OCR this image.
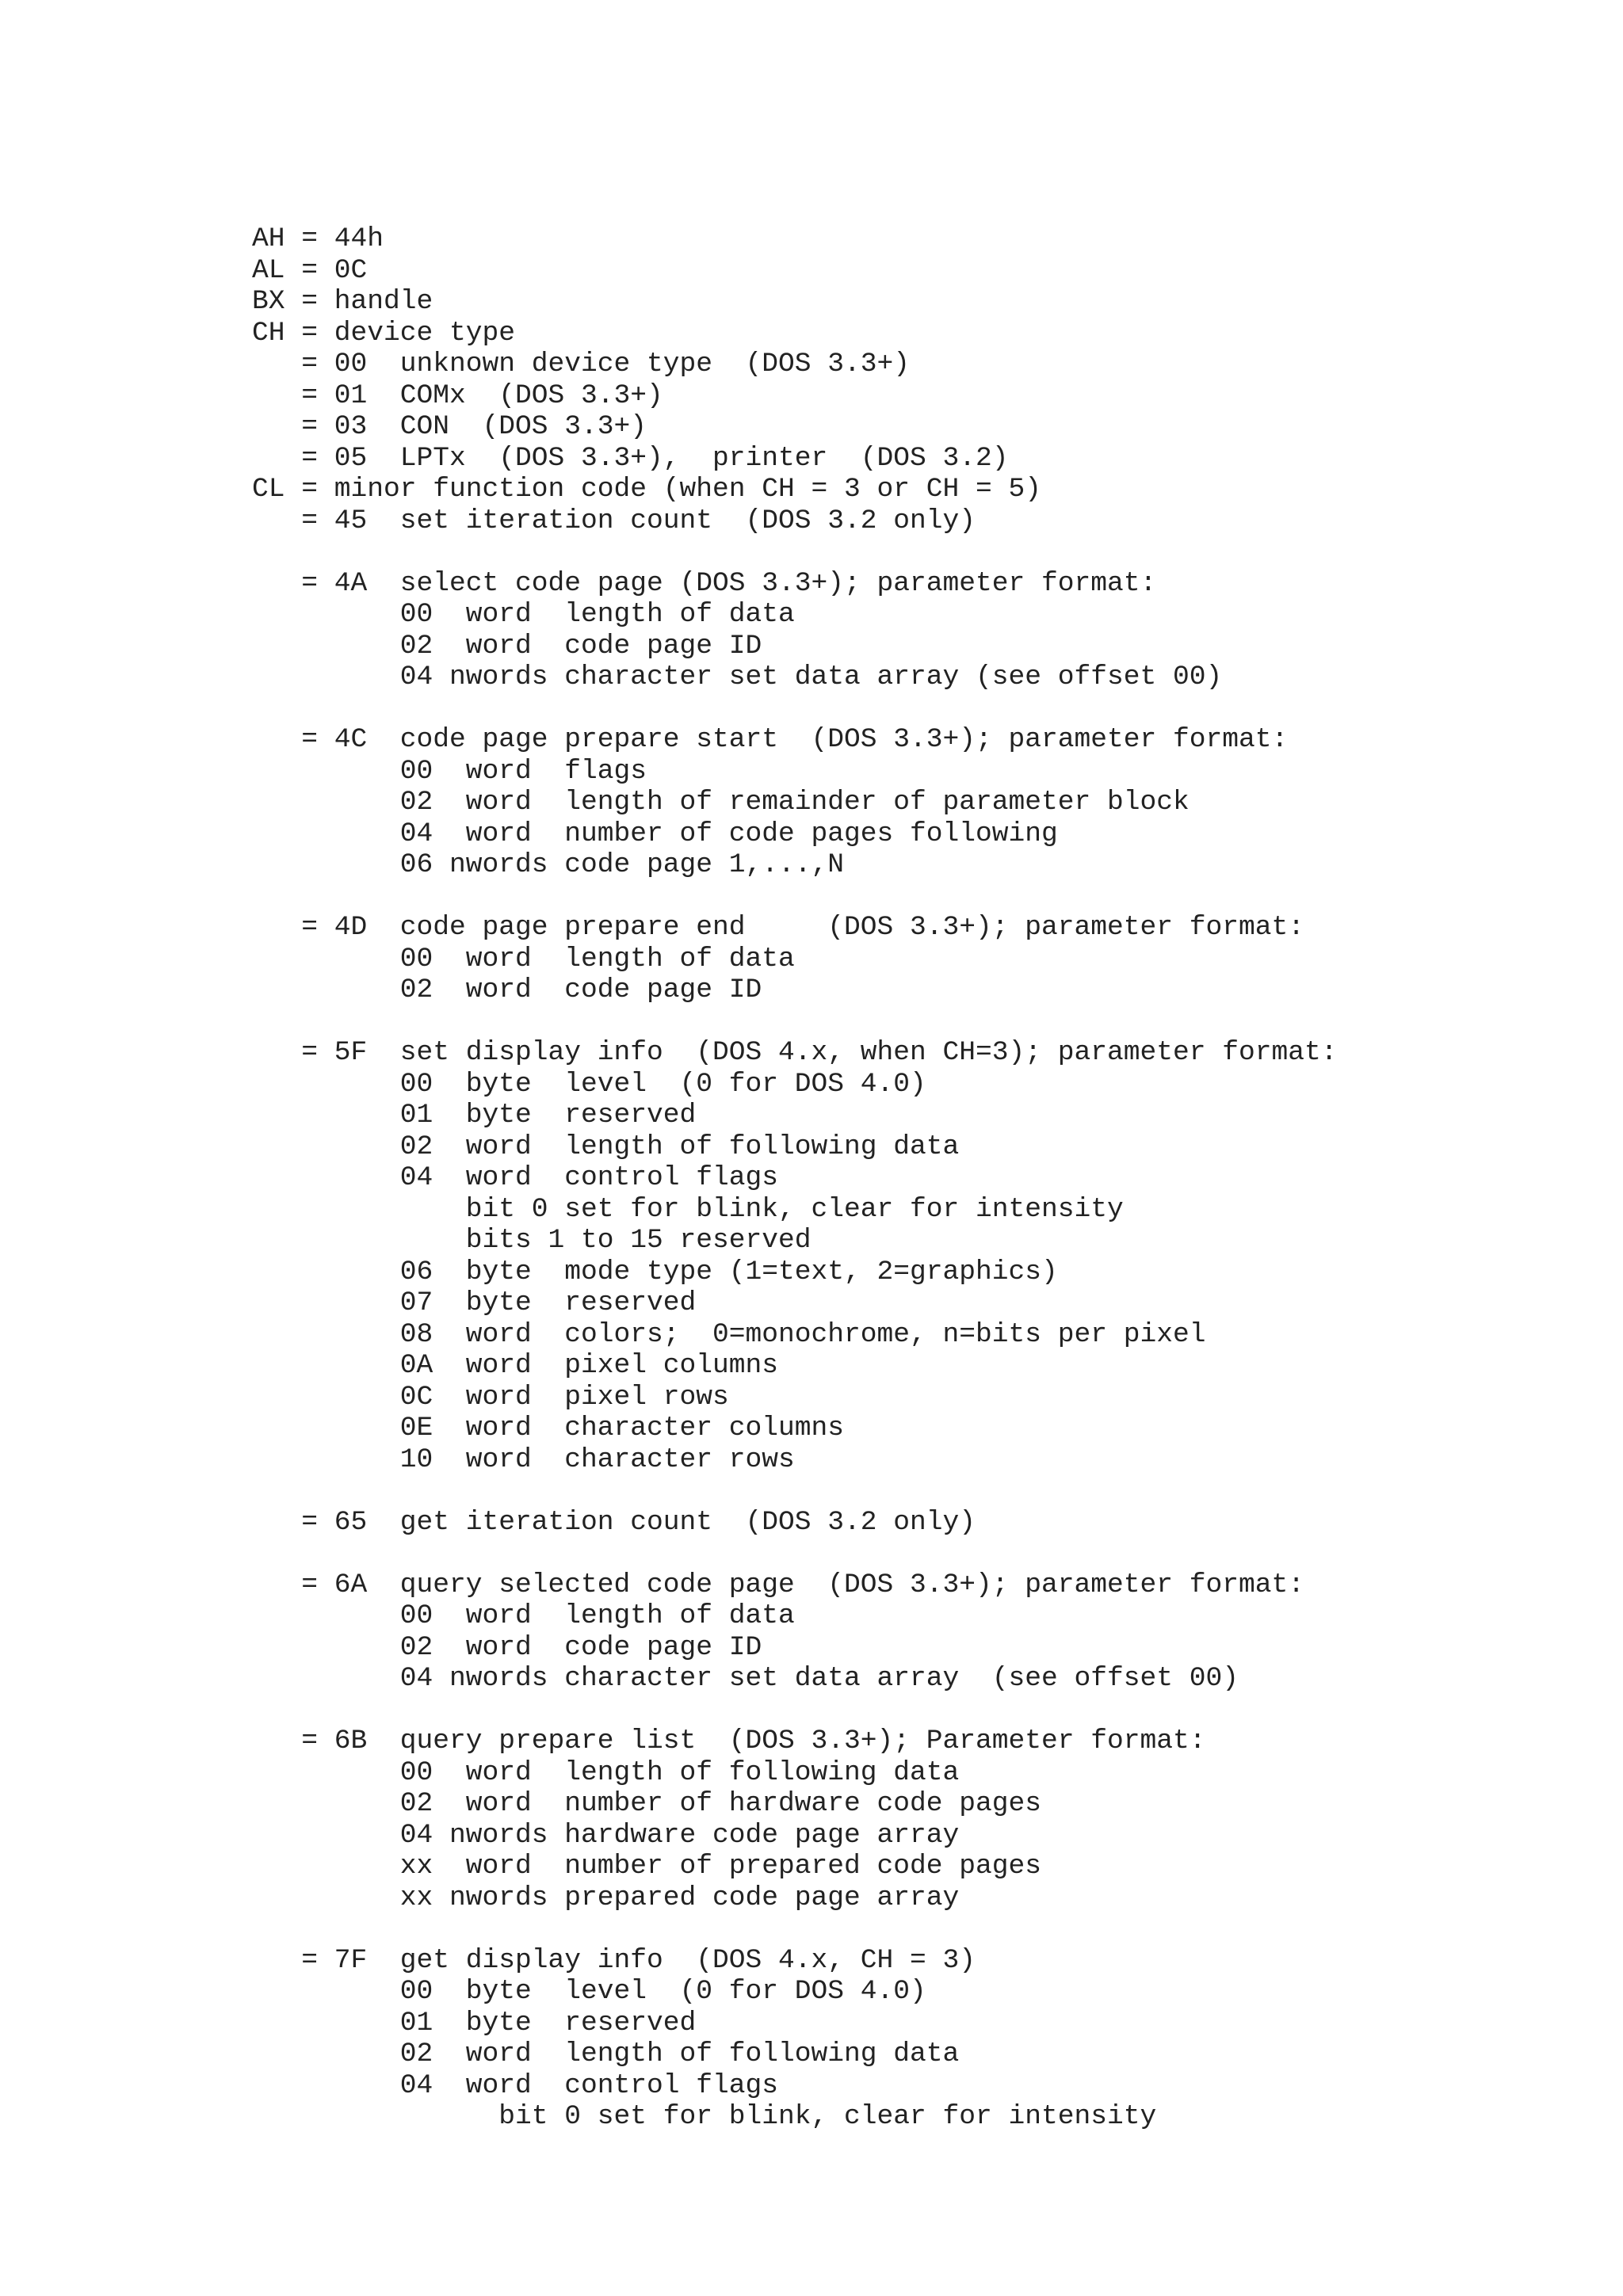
AH = 44h
AL = 0C
BX = handle
CH = device type
= 00  unknown device type  (DOS 3.3+)
= 01  COMx  (DOS 3.3+)
= 03  CON  (DOS 3.3+)
= 05  LPTx  (DOS 3.3+),  printer  (DOS 3.2)
CL = minor function code (when CH = 3 or CH = 5)
= 45  set iteration count  (DOS 3.2 only)
= 4A  select code page (DOS 3.3+); parameter format:
00  word  length of data
02  word  code page ID
04 nwords character set data array (see offset 00)
= 4C  code page prepare start  (DOS 3.3+); parameter format:
00  word  flags
02  word  length of remainder of parameter block
04  word  number of code pages following
06 nwords code page 1,...,N
= 4D  code page prepare end     (DOS 3.3+); parameter format:
00  word  length of data
02  word  code page ID
= 5F  set display info  (DOS 4.x, when CH=3); parameter format:
00  byte  level  (0 for DOS 4.0)
01  byte  reserved
02  word  length of following data
04  word  control flags
bit 0 set for blink, clear for intensity
bits 1 to 15 reserved
06  byte  mode type (1=text, 2=graphics)
07  byte  reserved
08  word  colors;  0=monochrome, n=bits per pixel
0A  word  pixel columns
0C  word  pixel rows
0E  word  character columns
10  word  character rows
= 65  get iteration count  (DOS 3.2 only)
= 6A  query selected code page  (DOS 3.3+); parameter format:
00  word  length of data
02  word  code page ID
04 nwords character set data array  (see offset 00)
= 6B  query prepare list  (DOS 3.3+); Parameter format:
00  word  length of following data
02  word  number of hardware code pages
04 nwords hardware code page array
xx  word  number of prepared code pages
xx nwords prepared code page array
= 7F  get display info  (DOS 4.x, CH = 3)
00  byte  level  (0 for DOS 4.0)
01  byte  reserved
02  word  length of following data
04  word  control flags
bit 0 set for blink, clear for intensity
